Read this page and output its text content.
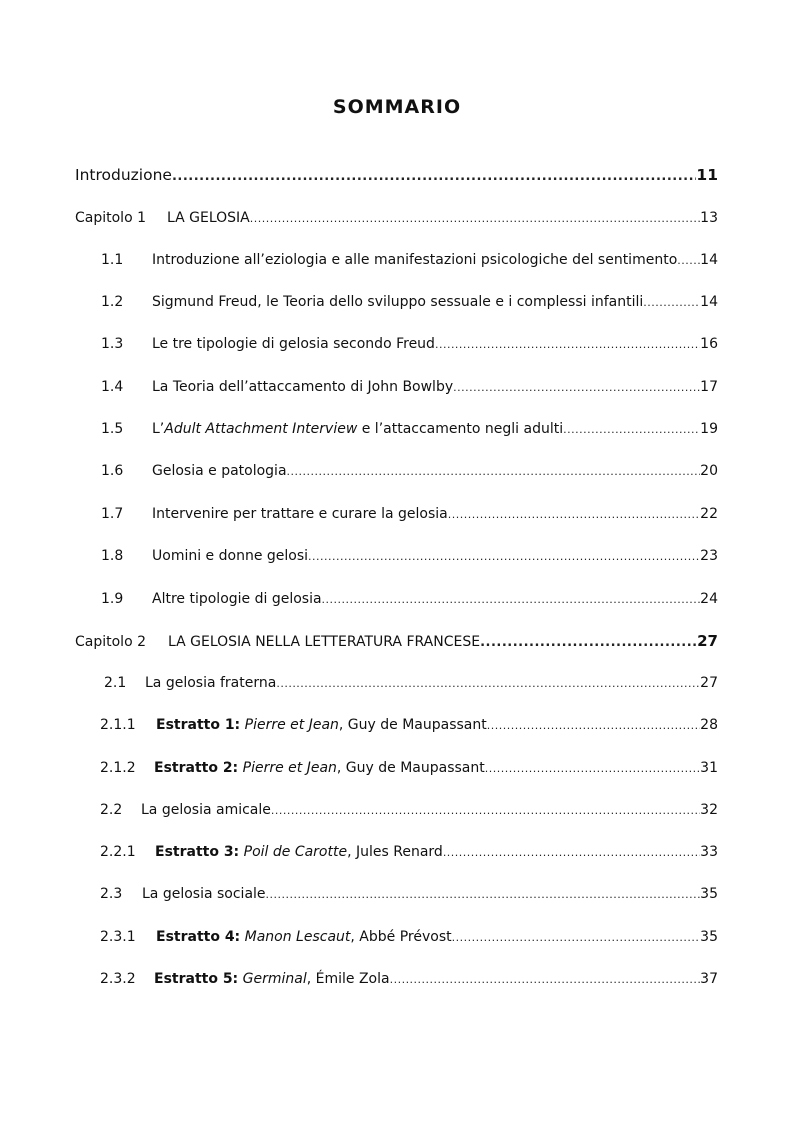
SOMMARIO
Introduzione .....	11
Capitolo 1 LA GELOSIA .....	13
1.1 Introduzione all’eziologia e alle manifestazioni psicologiche del sentimento ..... 14
1.2 Sigmund Freud, le Teoria dello sviluppo sessuale e i complessi infantili .....	14
1.3 Le tre tipologie di gelosia secondo Freud .....	16
1.4 La Teoria dell’attaccamento di John Bowlby .....	17
1.5 L’Adult Attachment Interview e l’attaccamento negli adulti .....	19
1.6 Gelosia e patologia .....	20
1.7 Intervenire per trattare e curare la gelosia .....	22
1.8 Uomini e donne gelosi .....	23
1.9 Altre tipologie di gelosia .....	24
Capitolo 2 LA GELOSIA NELLA LETTERATURA FRANCESE .....	27
2.1 La gelosia fraterna .....	27
2.1.1 Estratto 1: Pierre et Jean, Guy de Maupassant .....	28
2.1.2 Estratto 2: Pierre et Jean, Guy de Maupassant .....	31
2.2 La gelosia amicale .....	32
2.2.1 Estratto 3: Poil de Carotte, Jules Renard .....	33
2.3 La gelosia sociale .....	35
2.3.1 Estratto 4: Manon Lescaut, Abbé Prévost .....	35
2.3.2 Estratto 5: Germinal, Émile Zola .....	37
